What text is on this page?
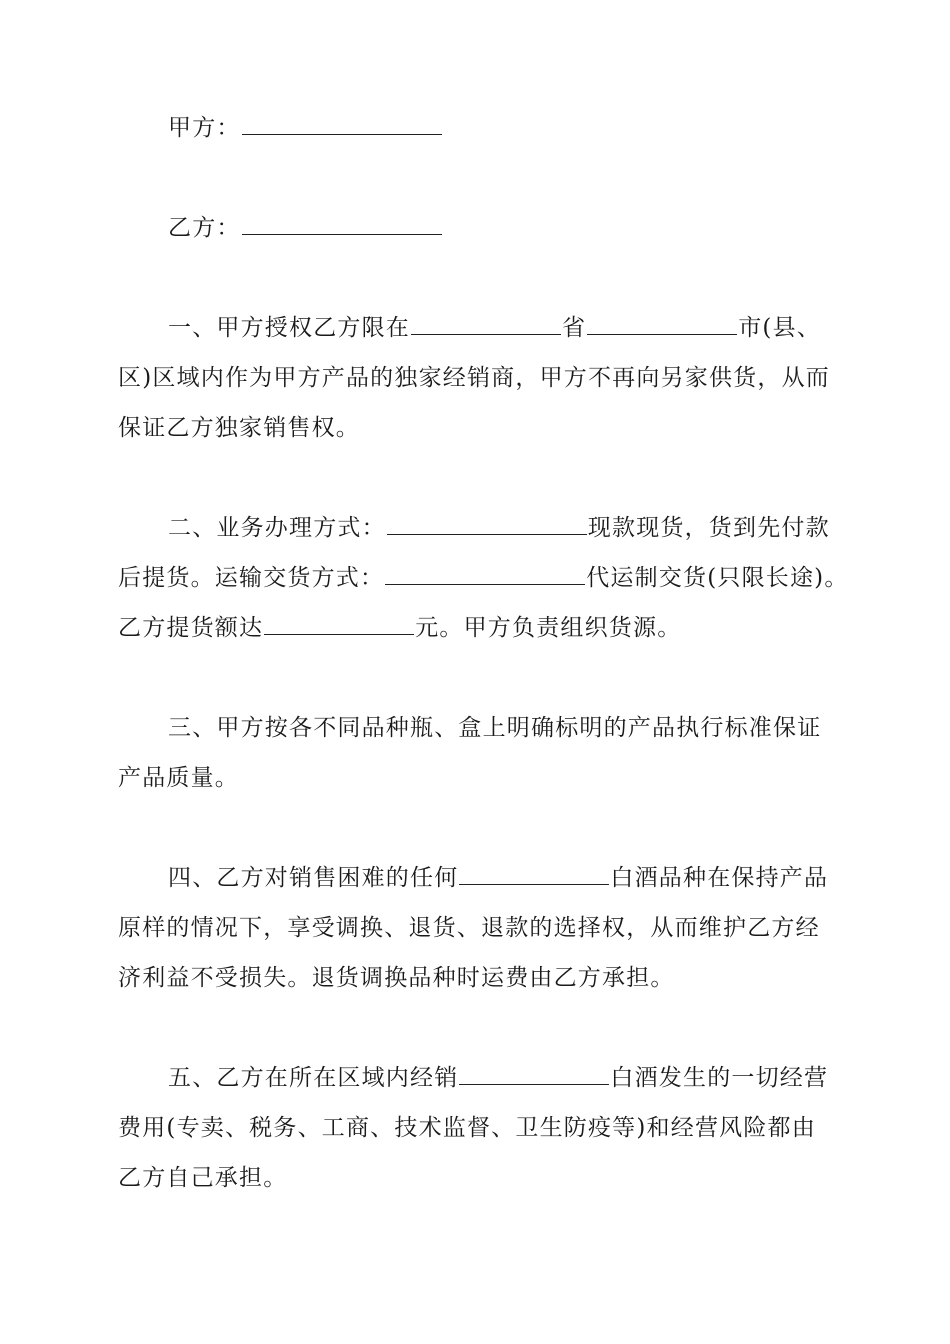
甲方：
乙方：
一、甲方授权乙方限在	省	市(县、
区)区域内作为甲方产品的独家经销商，甲方不再向另家供货，从而
保证乙方独家销售权。
二、业务办理方式：	现款现货，货到先付款
后提货。运输交货方式：	代运制交货(只限长途)。
乙方提货额达	元。甲方负责组织货源。
三、甲方按各不同品种瓶、盒上明确标明的产品执行标准保证
产品质量。
四、乙方对销售困难的任何	白酒品种在保持产品
原样的情况下，享受调换、退货、退款的选择权，从而维护乙方经
济利益不受损失。退货调换品种时运费由乙方承担。
五、乙方在所在区域内经销	白酒发生的一切经营
费用(专卖、税务、工商、技术监督、卫生防疫等)和经营风险都由
乙方自己承担。
